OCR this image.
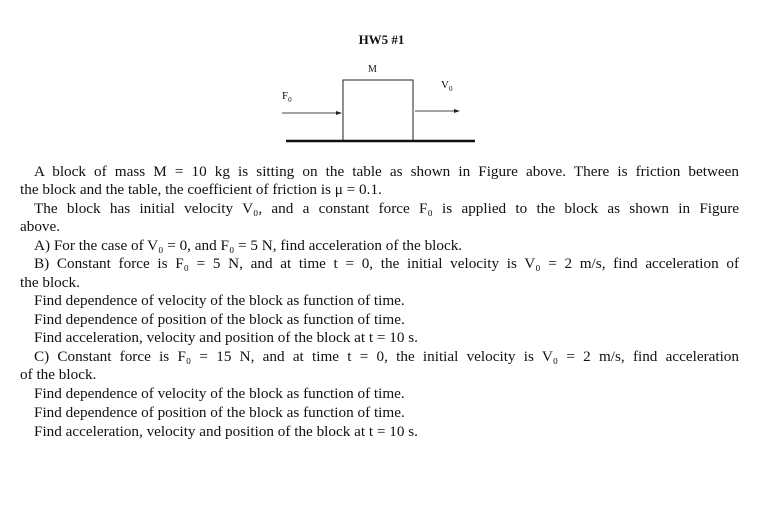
HW5 #1
M
$F_0$
$V_0$
A block of mass M = 10 kg is sitting on the table as shown in Figure above. There is friction between
the block and the table, the coefficient of friction is μ = 0.1.
The block has initial velocity V₀, and a constant force F₀ is applied to the block as shown in Figure
above.
A) For the case of V₀ = 0, and F₀ = 5 N, find acceleration of the block.
B) Constant force is F₀ = 5 N, and at time t = 0, the initial velocity is V₀ = 2 m/s, find acceleration of
the block.
Find dependence of velocity of the block as function of time.
Find dependence of position of the block as function of time.
Find acceleration, velocity and position of the block at t = 10 s.
C) Constant force is F₀ = 15 N, and at time t = 0, the initial velocity is V₀ = 2 m/s, find acceleration
of the block.
Find dependence of velocity of the block as function of time.
Find dependence of position of the block as function of time.
Find acceleration, velocity and position of the block at t = 10 s.
